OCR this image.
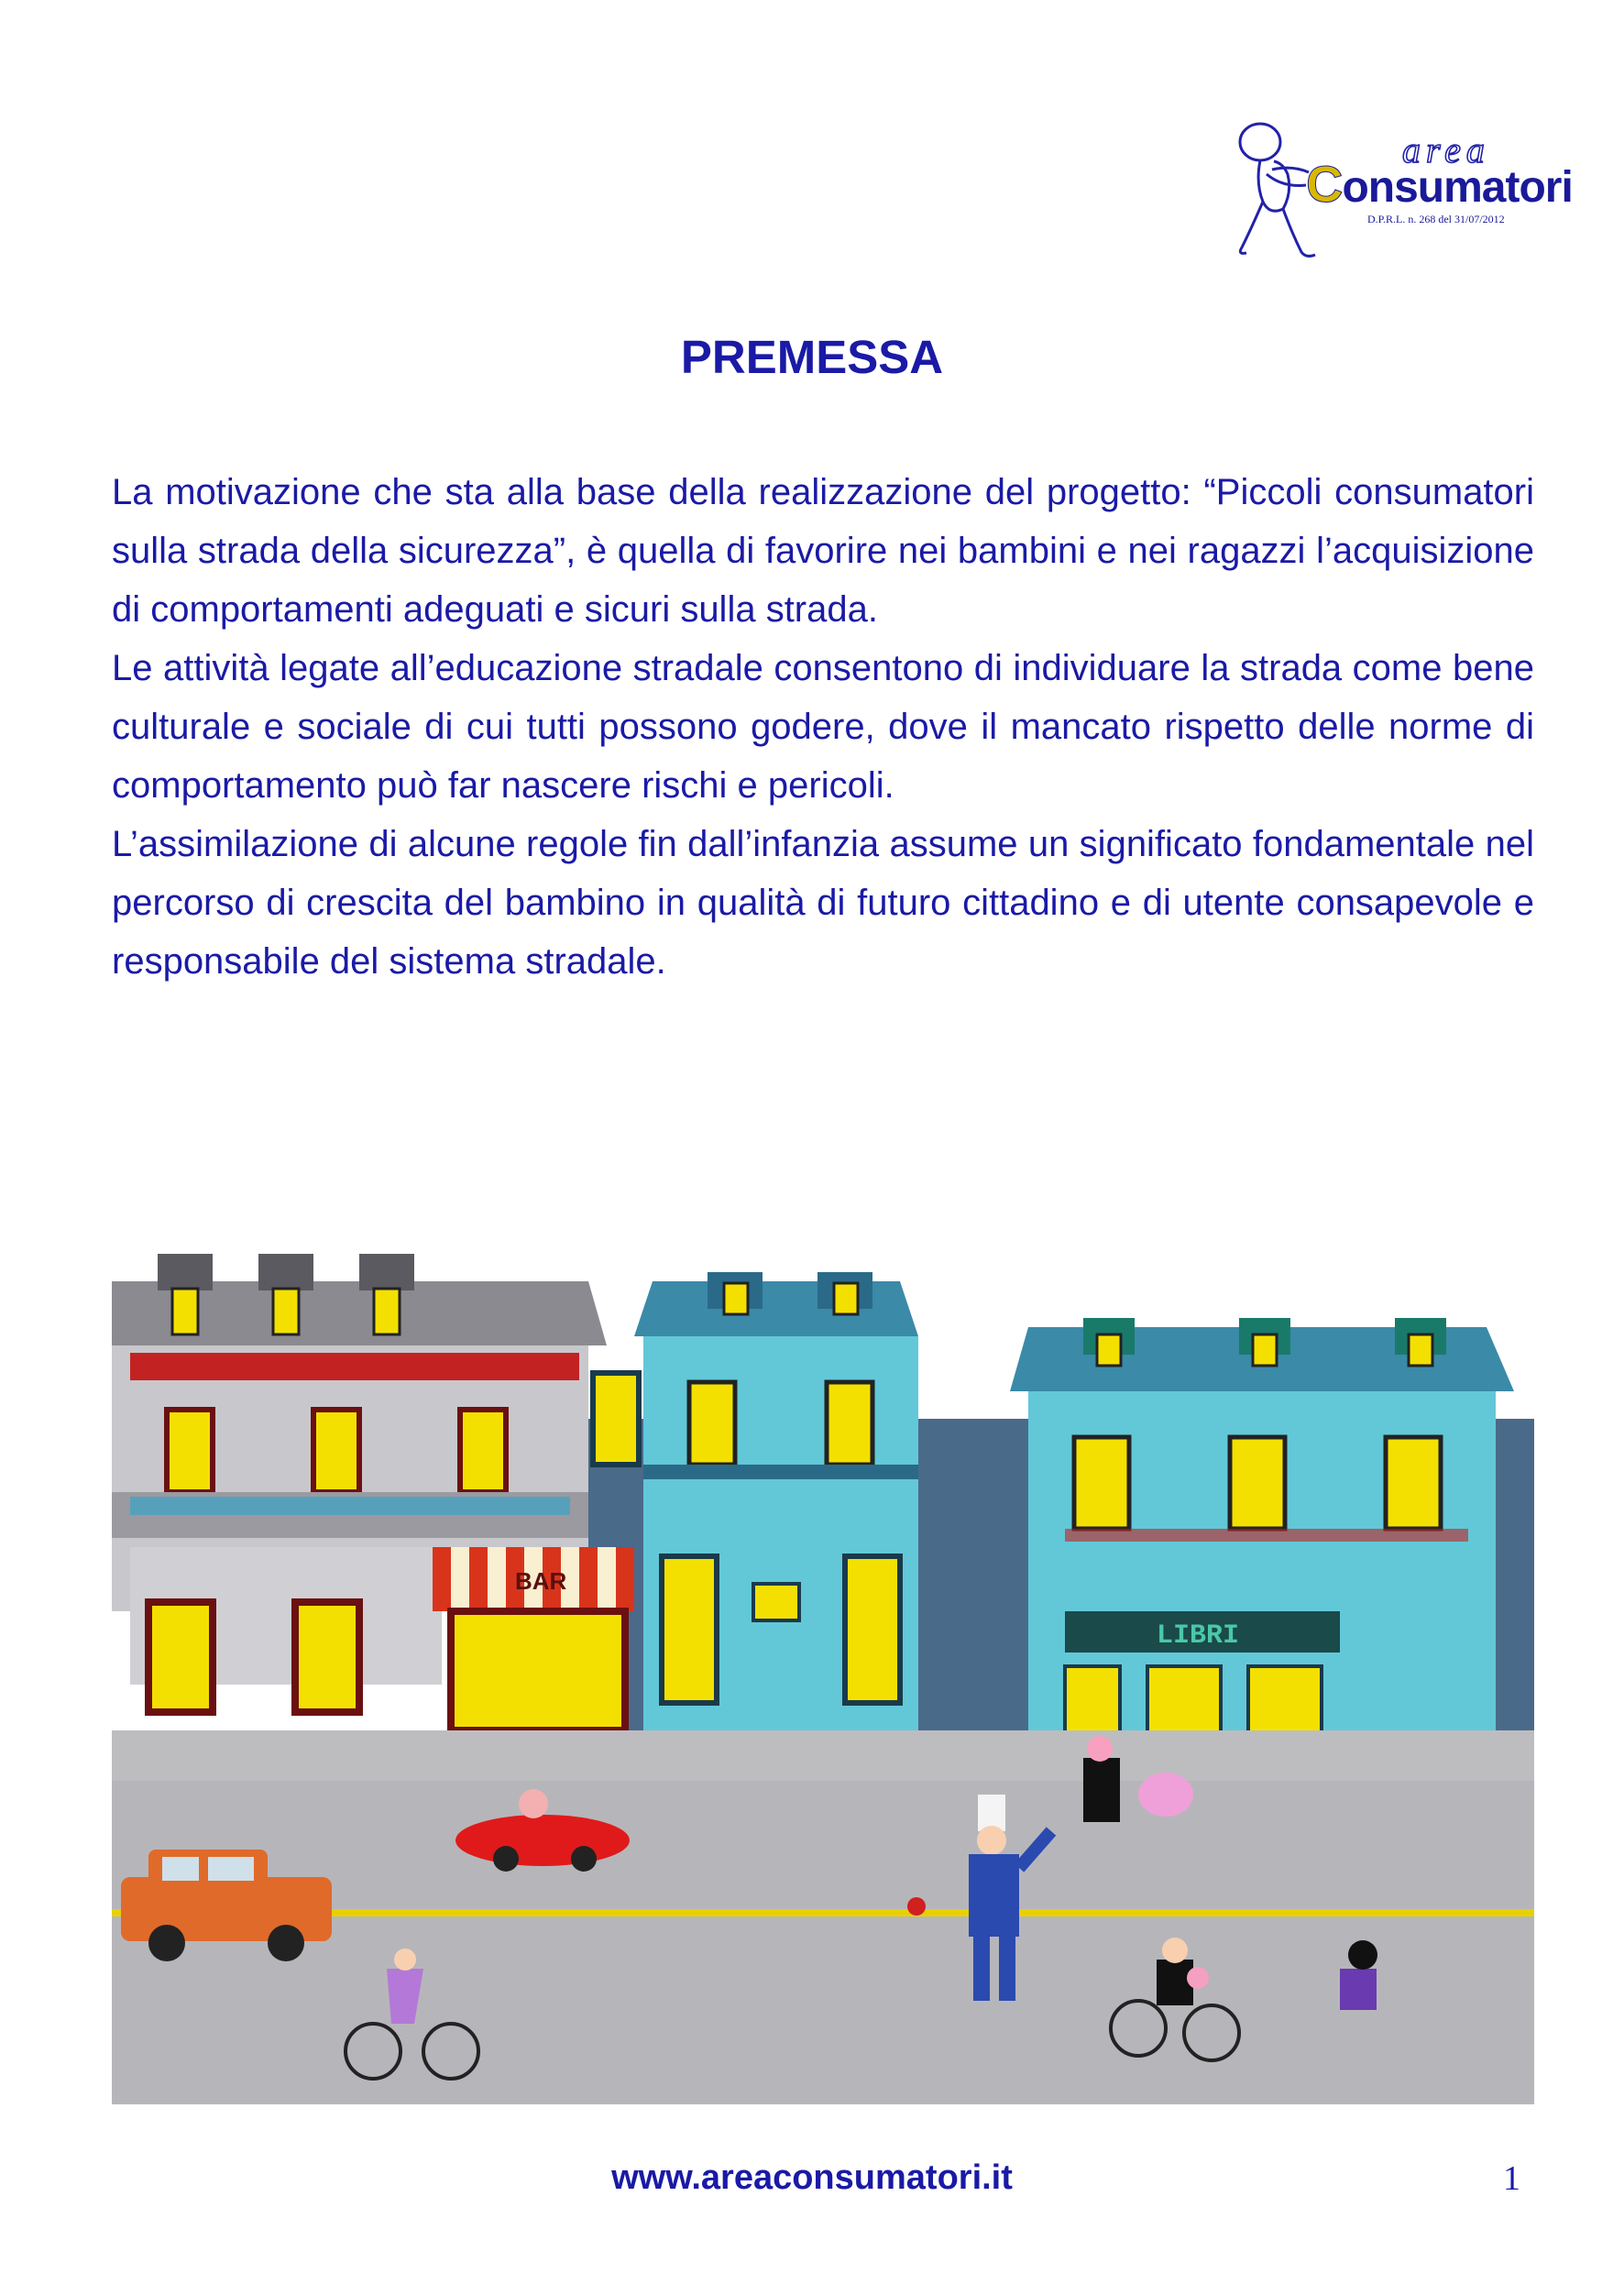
area
Consumatori
D.P.R.L. n. 268 del 31/07/2012
PREMESSA

La motivazione che sta alla base della realizzazione del progetto: “Piccoli consumatori sulla strada della sicurezza”, è quella di favorire nei bambini e nei ragazzi l’acquisizione di comportamenti adeguati e sicuri sulla strada.

Le attività legate all’educazione stradale consentono di individuare la strada come bene culturale e sociale di cui tutti possono godere, dove il mancato rispetto delle norme di comportamento può far nascere rischi e pericoli.

L’assimilazione di alcune regole fin dall’infanzia assume un significato fondamentale nel percorso di crescita del bambino in qualità di futuro cittadino e di utente consapevole e responsabile del sistema stradale.

BAR
LIBRI
www.areaconsumatori.it	1
